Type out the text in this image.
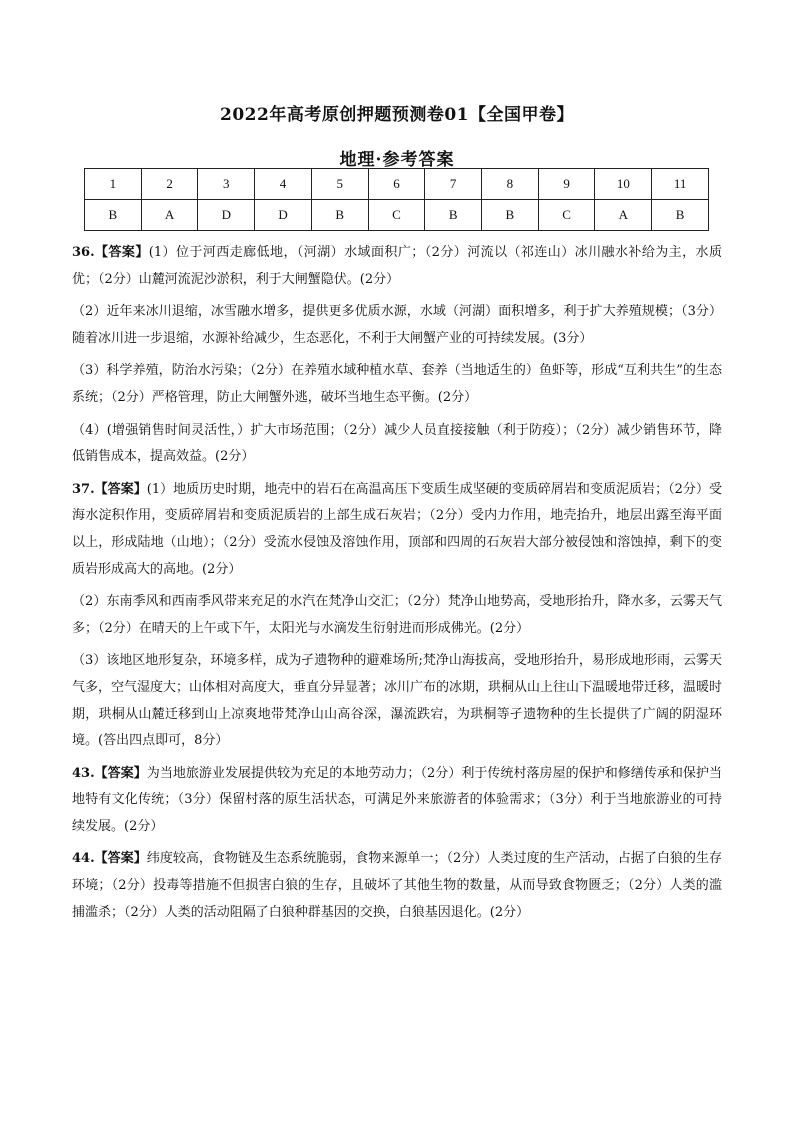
2022年高考原创押题预测卷01【全国甲卷】
地理·参考答案
1	2	3	4	5	6	7	8	9	10	11
B	A	D	D	B	C	B	B	C	A	B

36.【答案】(1）位于河西走廊低地，（河湖）水域面积广；（2分）河流以（祁连山）冰川融水补给为主，水质优；（2分）山麓河流泥沙淤积，利于大闸蟹隐伏。(2分）

（2）近年来冰川退缩，冰雪融水增多，提供更多优质水源，水域（河湖）面积增多，利于扩大养殖规模；（3分）随着冰川进一步退缩，水源补给减少，生态恶化，不利于大闸蟹产业的可持续发展。(3分）

（3）科学养殖，防治水污染；（2分）在养殖水域种植水草、套养（当地适生的）鱼虾等，形成“互利共生”的生态系统；（2分）严格管理，防止大闸蟹外逃，破坏当地生态平衡。(2分）

（4）(增强销售时间灵活性，）扩大市场范围；（2分）减少人员直接接触（利于防疫）；（2分）减少销售环节，降低销售成本，提高效益。(2分）

37.【答案】(1）地质历史时期，地壳中的岩石在高温高压下变质生成坚硬的变质碎屑岩和变质泥质岩；（2分）受海水淀积作用，变质碎屑岩和变质泥质岩的上部生成石灰岩；（2分）受内力作用，地壳抬升，地层出露至海平面以上，形成陆地（山地）；（2分）受流水侵蚀及溶蚀作用，顶部和四周的石灰岩大部分被侵蚀和溶蚀掉，剩下的变质岩形成高大的高地。(2分）

（2）东南季风和西南季风带来充足的水汽在梵净山交汇；（2分）梵净山地势高，受地形抬升，降水多，云雾天气多；（2分）在晴天的上午或下午，太阳光与水滴发生衍射进而形成佛光。(2分）

（3）该地区地形复杂，环境多样，成为孑遗物种的避难场所;梵净山海拔高，受地形抬升，易形成地形雨，云雾天气多，空气湿度大；山体相对高度大，垂直分异显著；冰川广布的冰期，珙桐从山上往山下温暖地带迁移，温暖时期，珙桐从山麓迁移到山上凉爽地带梵净山山高谷深，瀑流跌宕，为珙桐等孑遗物种的生长提供了广阔的阴湿环境。(答出四点即可，8分）

43.【答案】为当地旅游业发展提供较为充足的本地劳动力；（2分）利于传统村落房屋的保护和修缮传承和保护当地特有文化传统；（3分）保留村落的原生活状态，可满足外来旅游者的体验需求；（3分）利于当地旅游业的可持续发展。(2分）

44.【答案】纬度较高，食物链及生态系统脆弱，食物来源单一；（2分）人类过度的生产活动，占据了白狼的生存环境；（2分）投毒等措施不但损害白狼的生存，且破坏了其他生物的数量，从而导致食物匮乏；（2分）人类的滥捕滥杀；（2分）人类的活动阻隔了白狼种群基因的交换，白狼基因退化。(2分）
